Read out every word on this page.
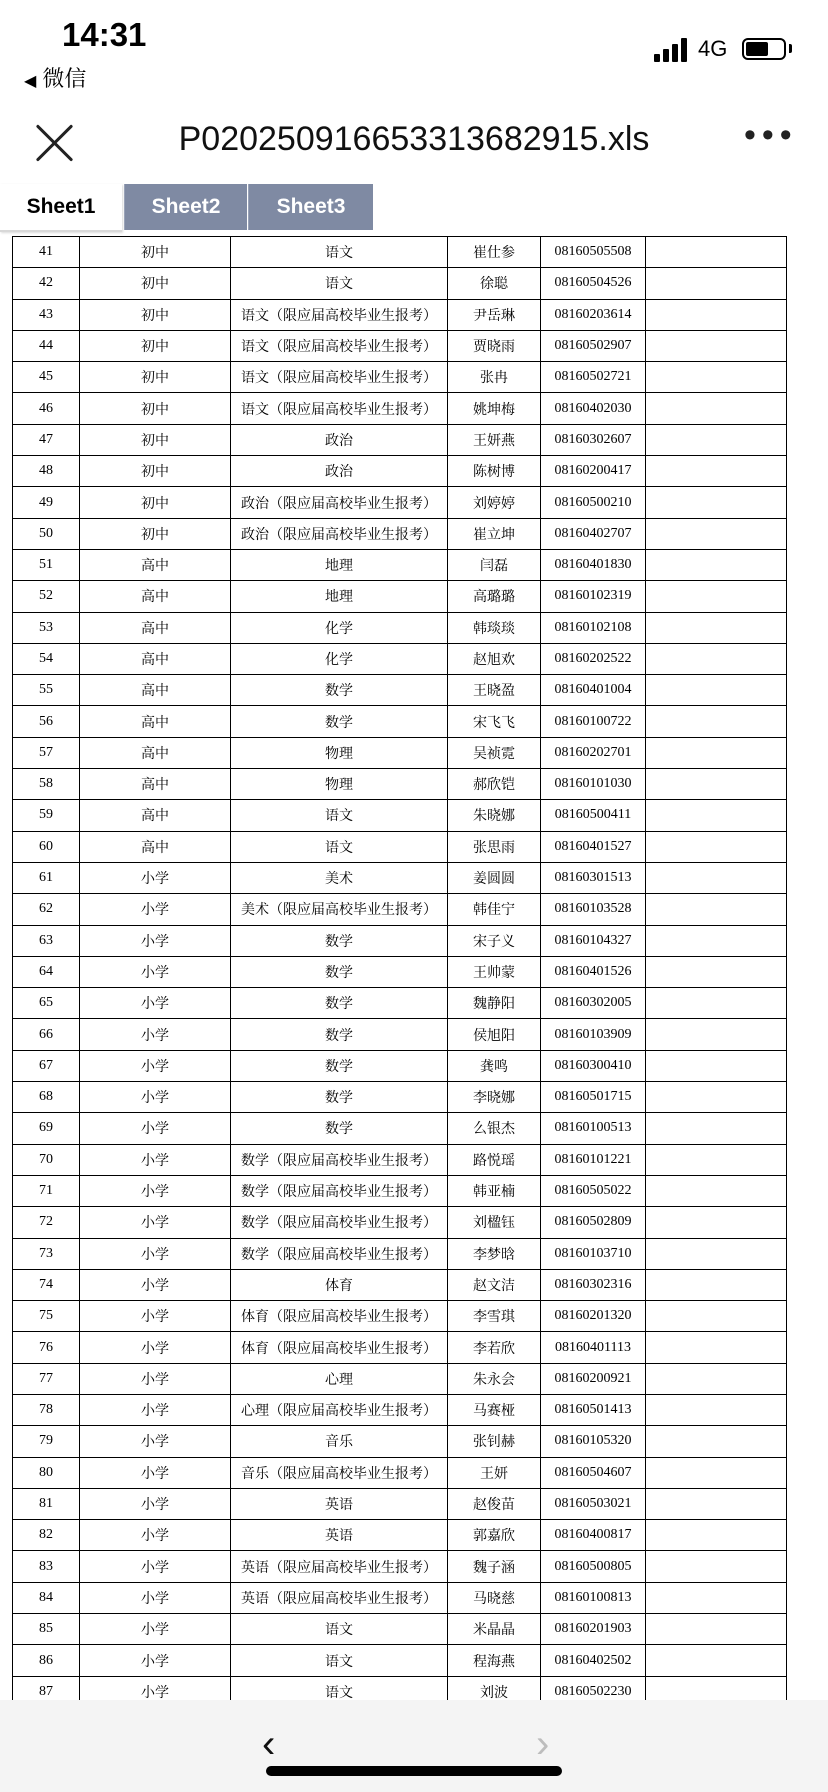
14:31
◀ 微信
4G
P020250916653313682915.xls	•••
Sheet1	Sheet2	Sheet3
41	初中	语文	崔仕参	08160505508	
42	初中	语文	徐聪	08160504526	
43	初中	语文（限应届高校毕业生报考）	尹岳琳	08160203614	
44	初中	语文（限应届高校毕业生报考）	贾晓雨	08160502907	
45	初中	语文（限应届高校毕业生报考）	张冉	08160502721	
46	初中	语文（限应届高校毕业生报考）	姚坤梅	08160402030	
47	初中	政治	王妍燕	08160302607	
48	初中	政治	陈树博	08160200417	
49	初中	政治（限应届高校毕业生报考）	刘婷婷	08160500210	
50	初中	政治（限应届高校毕业生报考）	崔立坤	08160402707	
51	高中	地理	闫磊	08160401830	
52	高中	地理	高璐璐	08160102319	
53	高中	化学	韩琰琰	08160102108	
54	高中	化学	赵旭欢	08160202522	
55	高中	数学	王晓盈	08160401004	
56	高中	数学	宋飞飞	08160100722	
57	高中	物理	吴祯霓	08160202701	
58	高中	物理	郝欣铠	08160101030	
59	高中	语文	朱晓娜	08160500411	
60	高中	语文	张思雨	08160401527	
61	小学	美术	姜圆圆	08160301513	
62	小学	美术（限应届高校毕业生报考）	韩佳宁	08160103528	
63	小学	数学	宋子义	08160104327	
64	小学	数学	王帅蒙	08160401526	
65	小学	数学	魏静阳	08160302005	
66	小学	数学	侯旭阳	08160103909	
67	小学	数学	龚鸣	08160300410	
68	小学	数学	李晓娜	08160501715	
69	小学	数学	么银杰	08160100513	
70	小学	数学（限应届高校毕业生报考）	路悦瑶	08160101221	
71	小学	数学（限应届高校毕业生报考）	韩亚楠	08160505022	
72	小学	数学（限应届高校毕业生报考）	刘楹钰	08160502809	
73	小学	数学（限应届高校毕业生报考）	李梦晗	08160103710	
74	小学	体育	赵文洁	08160302316	
75	小学	体育（限应届高校毕业生报考）	李雪琪	08160201320	
76	小学	体育（限应届高校毕业生报考）	李若欣	08160401113	
77	小学	心理	朱永会	08160200921	
78	小学	心理（限应届高校毕业生报考）	马赛桠	08160501413	
79	小学	音乐	张钊赫	08160105320	
80	小学	音乐（限应届高校毕业生报考）	王妍	08160504607	
81	小学	英语	赵俊苗	08160503021	
82	小学	英语	郭嘉欣	08160400817	
83	小学	英语（限应届高校毕业生报考）	魏子涵	08160500805	
84	小学	英语（限应届高校毕业生报考）	马晓慈	08160100813	
85	小学	语文	米晶晶	08160201903	
86	小学	语文	程海燕	08160402502	
87	小学	语文	刘波	08160502230	
‹	›
